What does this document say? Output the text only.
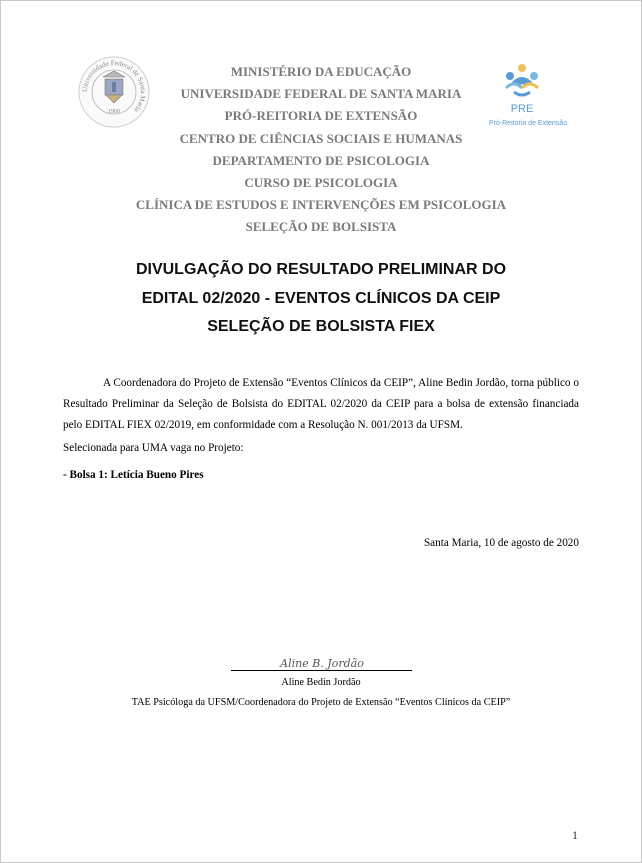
Universidade Federal de Santa Maria
1960	PRE
Pró-Reitoria de Extensão
MINISTÉRIO DA EDUCAÇÃO
UNIVERSIDADE FEDERAL DE SANTA MARIA
PRÓ-REITORIA DE EXTENSÃO
CENTRO DE CIÊNCIAS SOCIAIS E HUMANAS
DEPARTAMENTO DE PSICOLOGIA
CURSO DE PSICOLOGIA
CLÍNICA DE ESTUDOS E INTERVENÇÕES EM PSICOLOGIA
SELEÇÃO DE BOLSISTA
DIVULGAÇÃO DO RESULTADO PRELIMINAR DO
EDITAL 02/2020 - EVENTOS CLÍNICOS DA CEIP
SELEÇÃO DE BOLSISTA FIEX

A Coordenadora do Projeto de Extensão “Eventos Clínicos da CEIP”, Aline Bedin Jordão, torna público o Resultado Preliminar da Seleção de Bolsista do EDITAL 02/2020 da CEIP para a bolsa de extensão financiada pelo EDITAL FIEX 02/2019, em conformidade com a Resolução N. 001/2013 da UFSM.

Selecionada para UMA vaga no Projeto:
- Bolsa 1: Letícia Bueno Pires
Santa Maria, 10 de agosto de 2020
Aline B. Jordão
Aline Bedin Jordão
TAE Psicóloga da UFSM/Coordenadora do Projeto de Extensão “Eventos Clínicos da CEIP”
1
